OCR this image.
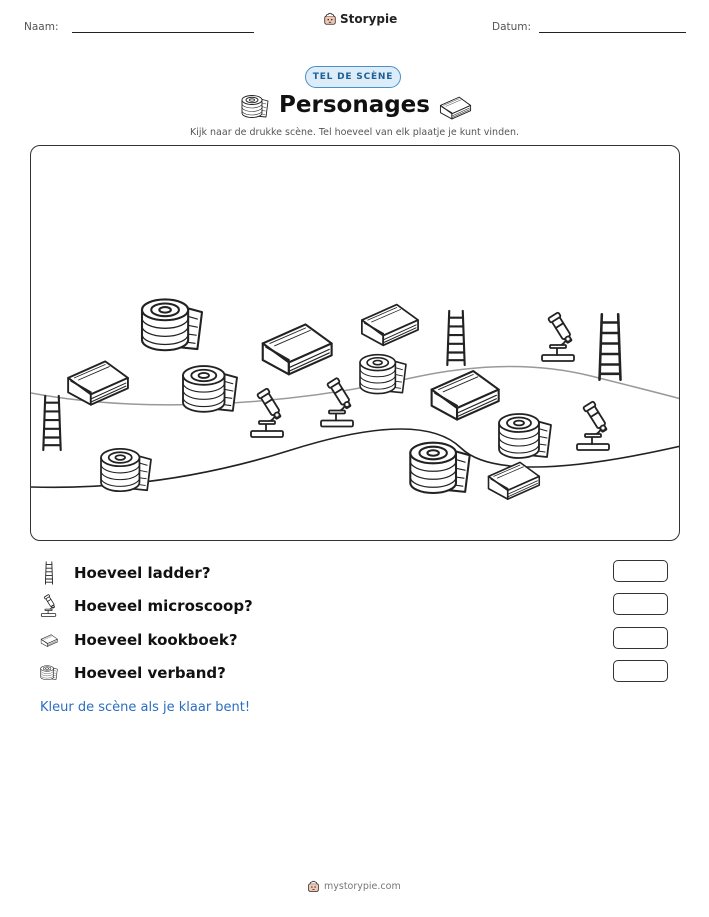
Naam:
Storypie
Datum:
TEL DE SCÈNE
Personages
Kijk naar de drukke scène. Tel hoeveel van elk plaatje je kunt vinden.
Hoeveel ladder?
Hoeveel microscoop?
Hoeveel kookboek?
Hoeveel verband?
Kleur de scène als je klaar bent!
mystorypie.com
